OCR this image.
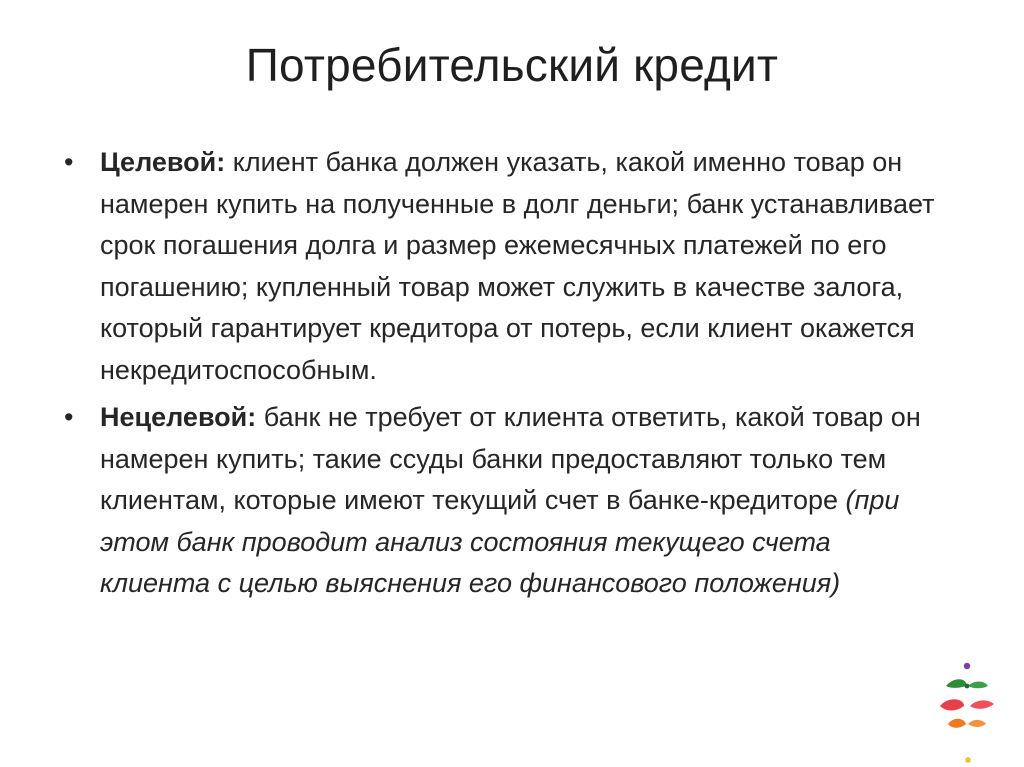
Потребительский кредит
• Целевой: клиент банка должен указать, какой именно товар он намерен купить на полученные в долг деньги; банк устанавливает срок погашения долга и размер ежемесячных платежей по его погашению; купленный товар может служить в качестве залога, который гарантирует кредитора от потерь, если клиент окажется некредитоспособным.
• Нецелевой: банк не требует от клиента ответить, какой товар он намерен купить; такие ссуды банки предоставляют только тем клиентам, которые имеют текущий счет в банке-кредиторе (при этом банк проводит анализ состояния текущего счета клиента с целью выяснения его финансового положения)
